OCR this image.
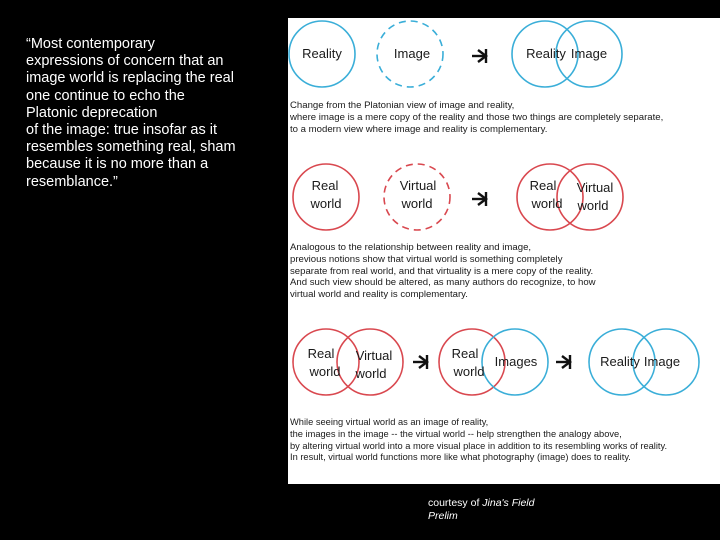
“Most contemporary
expressions of concern that an
image world is replacing the real
one continue to echo the
Platonic deprecation
of the image: true insofar as it
resembles something real, sham
because it is no more than a
resemblance.”
Reality	Image	Reality Image
Real
world
Virtual
world
Real
world
Virtual
world
Real
world
Virtual
world
Real
world
Images	Reality Image
Change from the Platonian view of image and reality,
where image is a mere copy of the reality and those two things are completely separate,
to a modern view where image and reality is complementary.
Analogous to the relationship between reality and image,
previous notions show that virtual world is something completely
separate from real world, and that virtuality is a mere copy of the reality.
And such view should be altered, as many authors do recognize, to how
virtual world and reality is complementary.
While seeing virtual world as an image of reality,
the images in the image -- the virtual world -- help strengthen the analogy above,
by altering virtual world into a more visual place in addition to its resembling works of reality.
In result, virtual world functions more like what photography (image) does to reality.
courtesy of Jina's Field
Prelim
